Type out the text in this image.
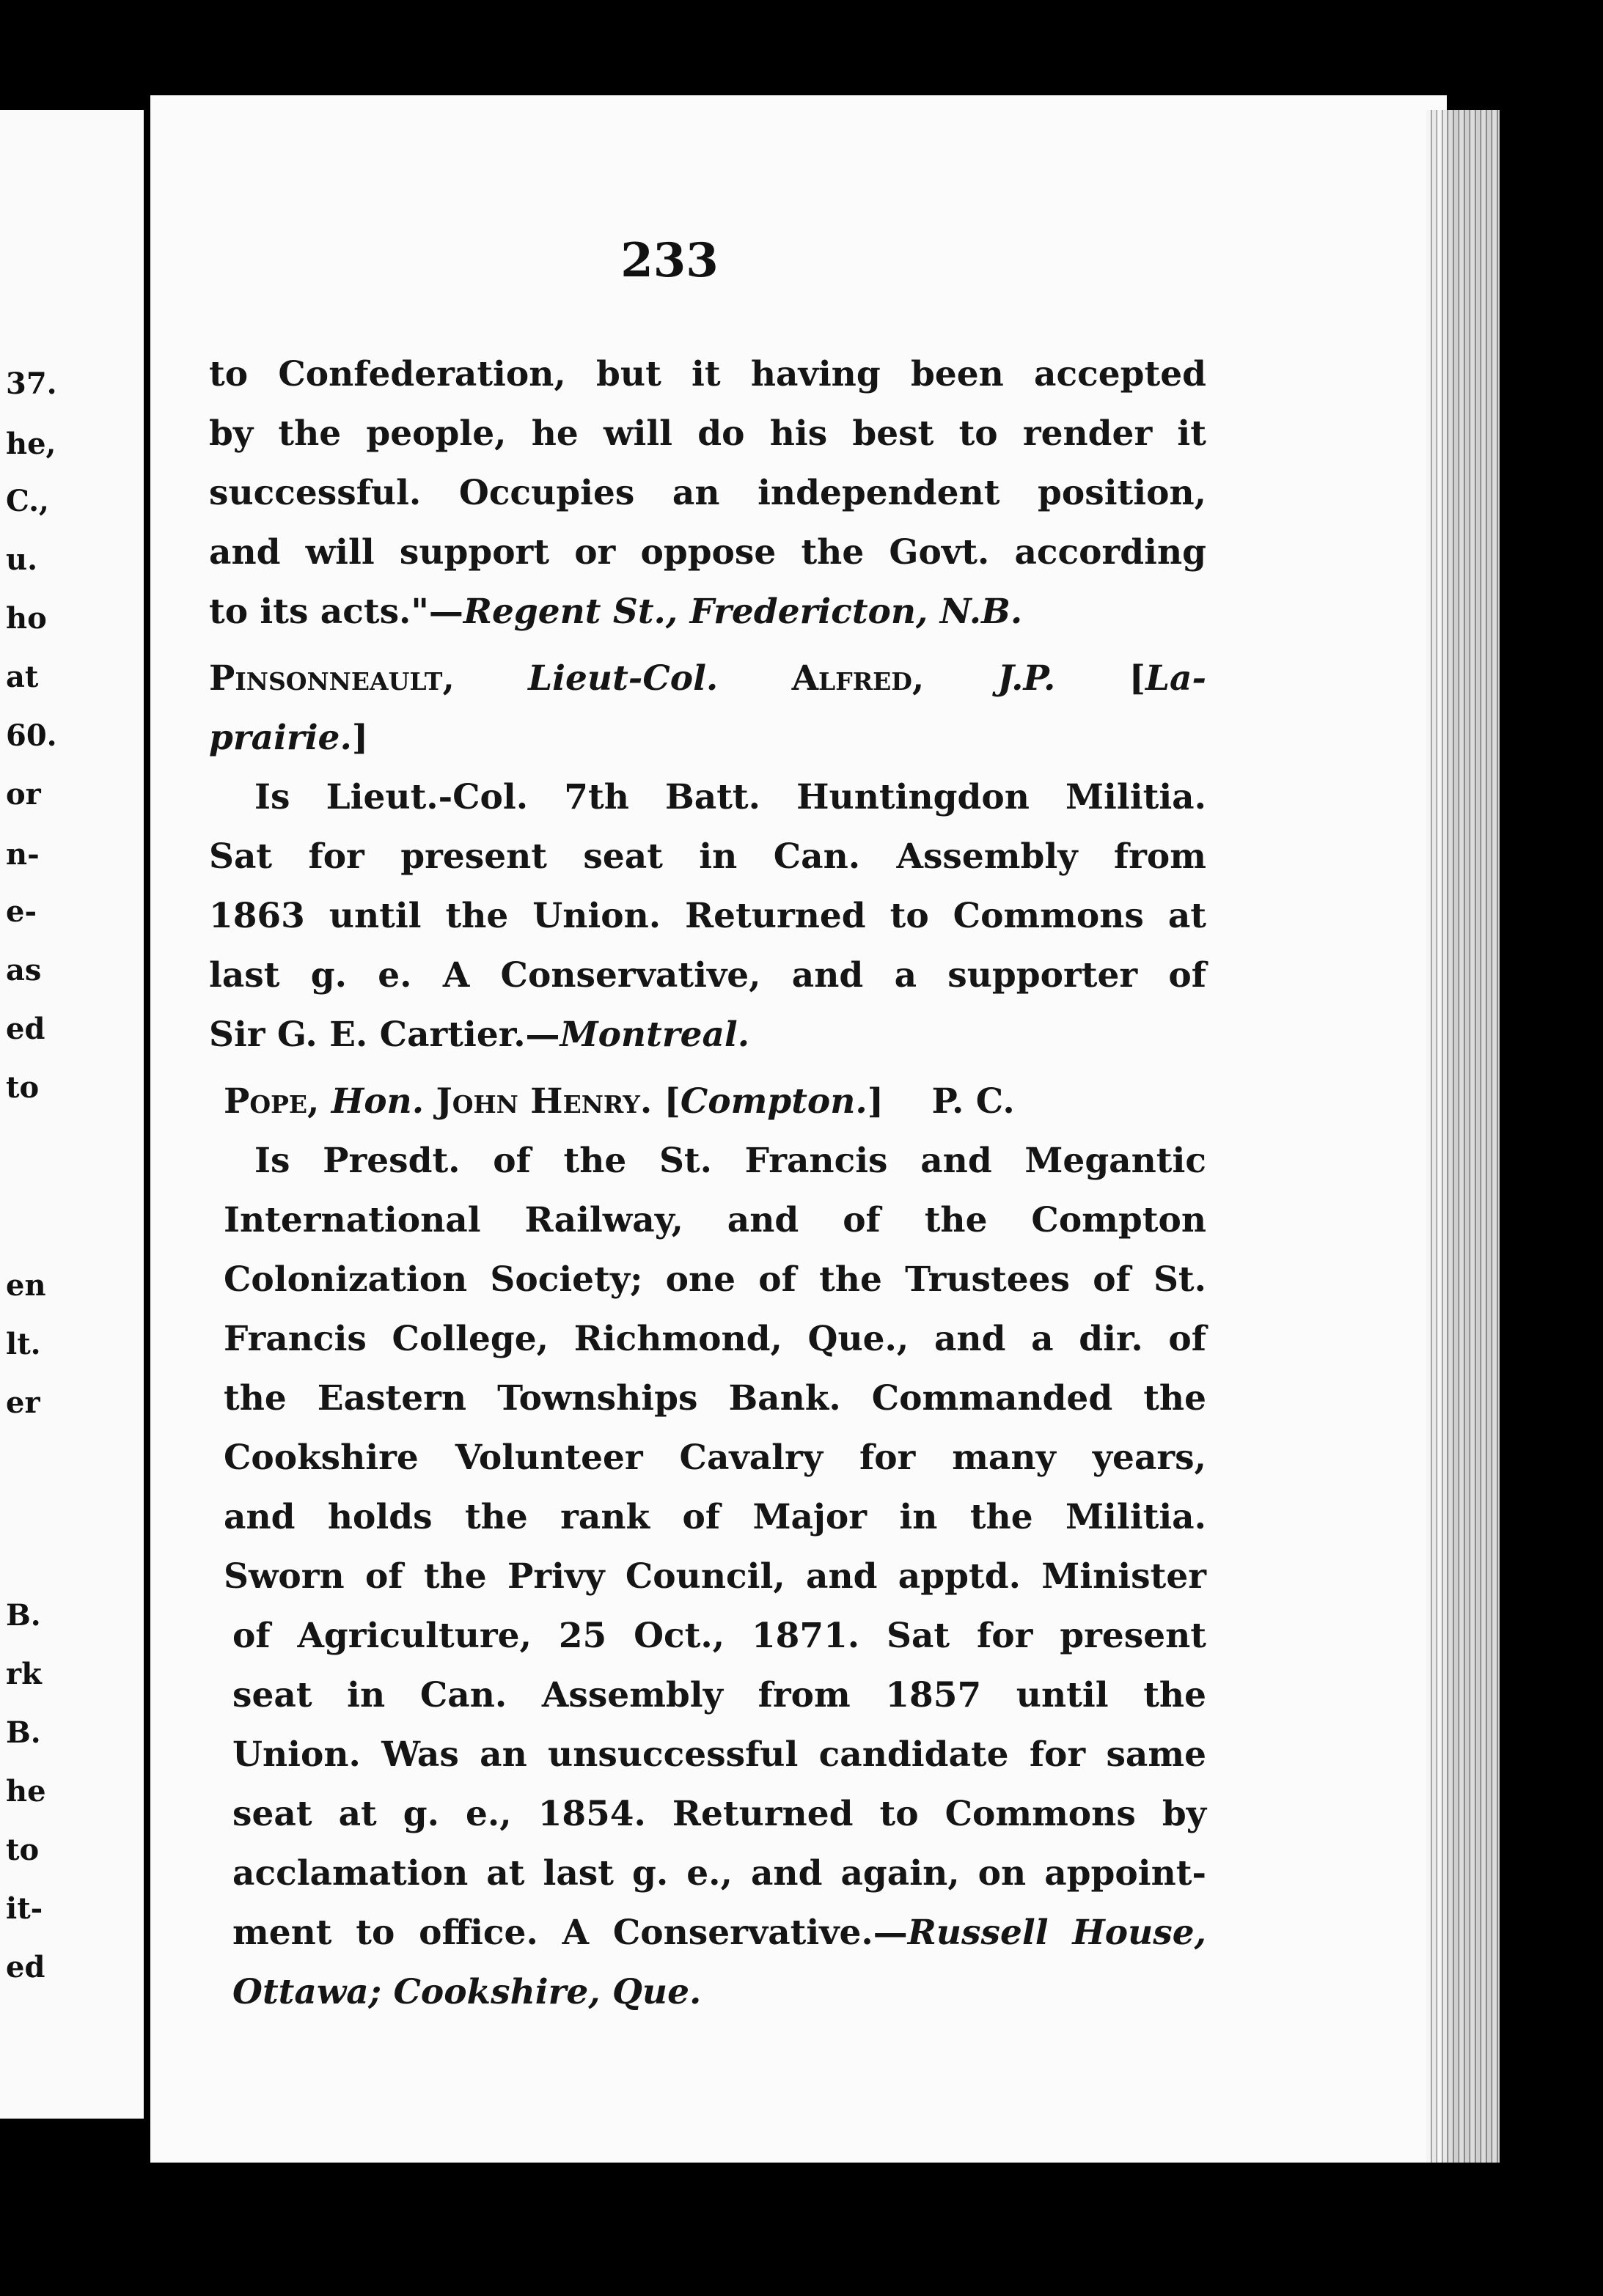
37.
he,
C.,
u.
ho
at
60.
or
n-
e-
as
ed
to
en
lt.
er
B.
rk
B.
he
to
it-
ed
233
to Confederation, but it having been accepted
by the people, he will do his best to render it
successful. Occupies an independent position,
and will support or oppose the Govt. according
to its acts."—Regent St., Fredericton, N.B.
Pinsonneault, Lieut-Col. Alfred, J.P. [La-
prairie.]
Is Lieut.-Col. 7th Batt. Huntingdon Militia.
Sat for present seat in Can. Assembly from
1863 until the Union. Returned to Commons at
last g. e. A Conservative, and a supporter of
Sir G. E. Cartier.—Montreal.
Pope, Hon. John Henry. [Compton.] P. C.
Is Presdt. of the St. Francis and Megantic
International Railway, and of the Compton
Colonization Society; one of the Trustees of St.
Francis College, Richmond, Que., and a dir. of
the Eastern Townships Bank. Commanded the
Cookshire Volunteer Cavalry for many years,
and holds the rank of Major in the Militia.
Sworn of the Privy Council, and apptd. Minister
of Agriculture, 25 Oct., 1871. Sat for present
seat in Can. Assembly from 1857 until the
Union. Was an unsuccessful candidate for same
seat at g. e., 1854. Returned to Commons by
acclamation at last g. e., and again, on appoint-
ment to office. A Conservative.—Russell House,
Ottawa; Cookshire, Que.
